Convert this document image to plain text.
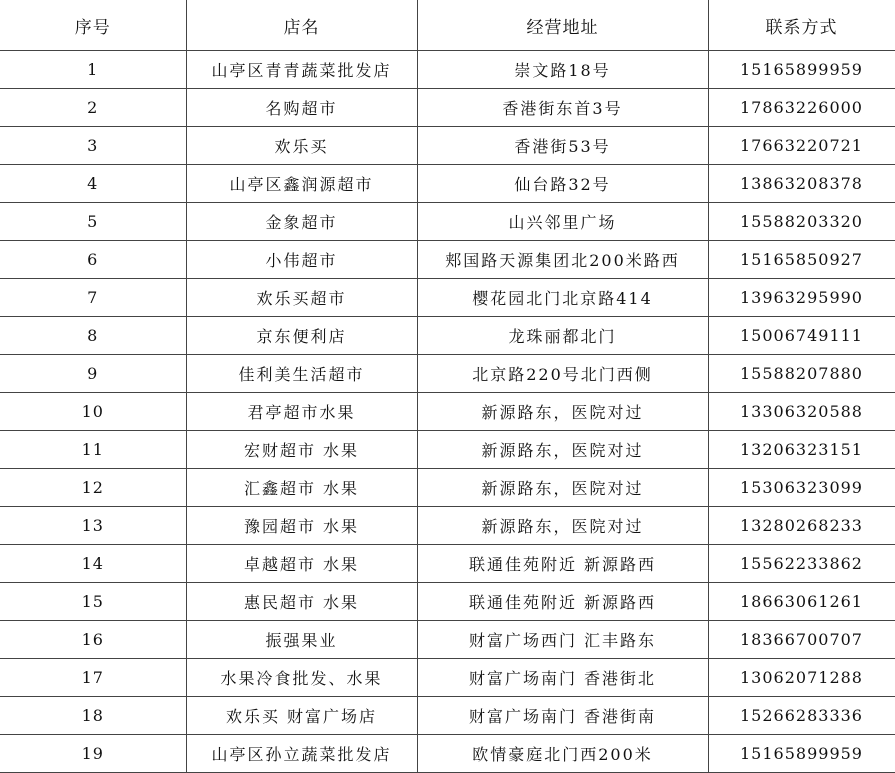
序号	店名	经营地址	联系方式
1	山亭区青青蔬菜批发店	崇文路18号	15165899959
2	名购超市	香港街东首3号	17863226000
3	欢乐买	香港街53号	17663220721
4	山亭区鑫润源超市	仙台路32号	13863208378
5	金象超市	山兴邻里广场	15588203320
6	小伟超市	郏国路天源集团北200米路西	15165850927
7	欢乐买超市	樱花园北门北京路414	13963295990
8	京东便利店	龙珠丽都北门	15006749111
9	佳利美生活超市	北京路220号北门西侧	15588207880
10	君亭超市水果	新源路东，医院对过	13306320588
11	宏财超市 水果	新源路东，医院对过	13206323151
12	汇鑫超市 水果	新源路东，医院对过	15306323099
13	豫园超市 水果	新源路东，医院对过	13280268233
14	卓越超市 水果	联通佳苑附近 新源路西	15562233862
15	惠民超市 水果	联通佳苑附近 新源路西	18663061261
16	振强果业	财富广场西门 汇丰路东	18366700707
17	水果冷食批发、水果	财富广场南门 香港街北	13062071288
18	欢乐买 财富广场店	财富广场南门 香港街南	15266283336
19	山亭区孙立蔬菜批发店	欧情豪庭北门西200米	15165899959
